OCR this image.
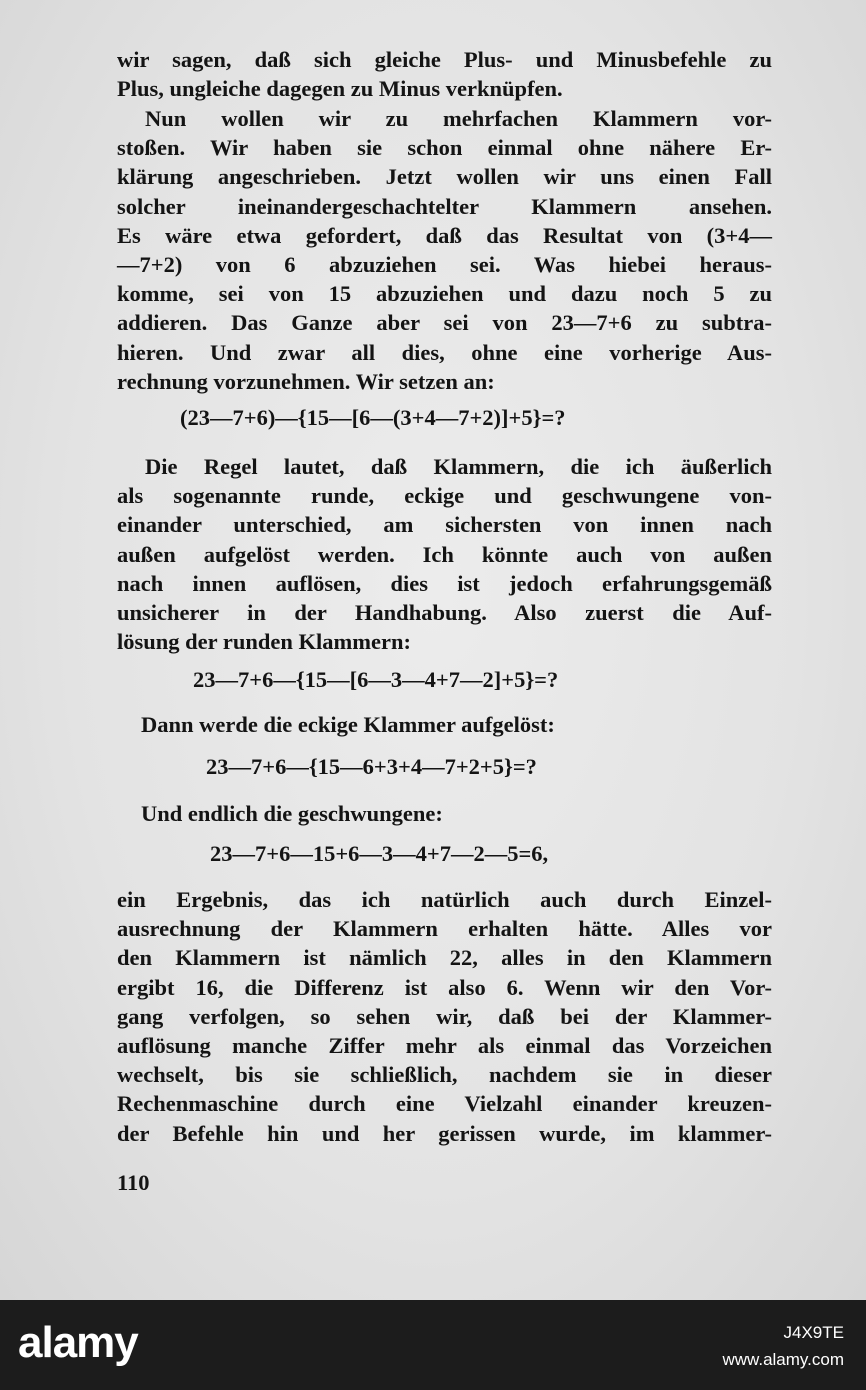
wir sagen, daß sich gleiche Plus- und Minusbefehle zu
Plus, ungleiche dagegen zu Minus verknüpfen.
Nun wollen wir zu mehrfachen Klammern vor-
stoßen. Wir haben sie schon einmal ohne nähere Er-
klärung angeschrieben. Jetzt wollen wir uns einen Fall
solcher ineinandergeschachtelter Klammern ansehen.
Es wäre etwa gefordert, daß das Resultat von (3+4—
—7+2) von 6 abzuziehen sei. Was hiebei heraus-
komme, sei von 15 abzuziehen und dazu noch 5 zu
addieren. Das Ganze aber sei von 23—7+6 zu subtra-
hieren. Und zwar all dies, ohne eine vorherige Aus-
rechnung vorzunehmen. Wir setzen an:
(23—7+6)—{15—[6—(3+4—7+2)]+5}=?
Die Regel lautet, daß Klammern, die ich äußerlich
als sogenannte runde, eckige und geschwungene von-
einander unterschied, am sichersten von innen nach
außen aufgelöst werden. Ich könnte auch von außen
nach innen auflösen, dies ist jedoch erfahrungsgemäß
unsicherer in der Handhabung. Also zuerst die Auf-
lösung der runden Klammern:
23—7+6—{15—[6—3—4+7—2]+5}=?
Dann werde die eckige Klammer aufgelöst:
23—7+6—{15—6+3+4—7+2+5}=?
Und endlich die geschwungene:
23—7+6—15+6—3—4+7—2—5=6,
ein Ergebnis, das ich natürlich auch durch Einzel-
ausrechnung der Klammern erhalten hätte. Alles vor
den Klammern ist nämlich 22, alles in den Klammern
ergibt 16, die Differenz ist also 6. Wenn wir den Vor-
gang verfolgen, so sehen wir, daß bei der Klammer-
auflösung manche Ziffer mehr als einmal das Vorzeichen
wechselt, bis sie schließlich, nachdem sie in dieser
Rechenmaschine durch eine Vielzahl einander kreuzen-
der Befehle hin und her gerissen wurde, im klammer-
110
alamy	J4X9TE
www.alamy.com
